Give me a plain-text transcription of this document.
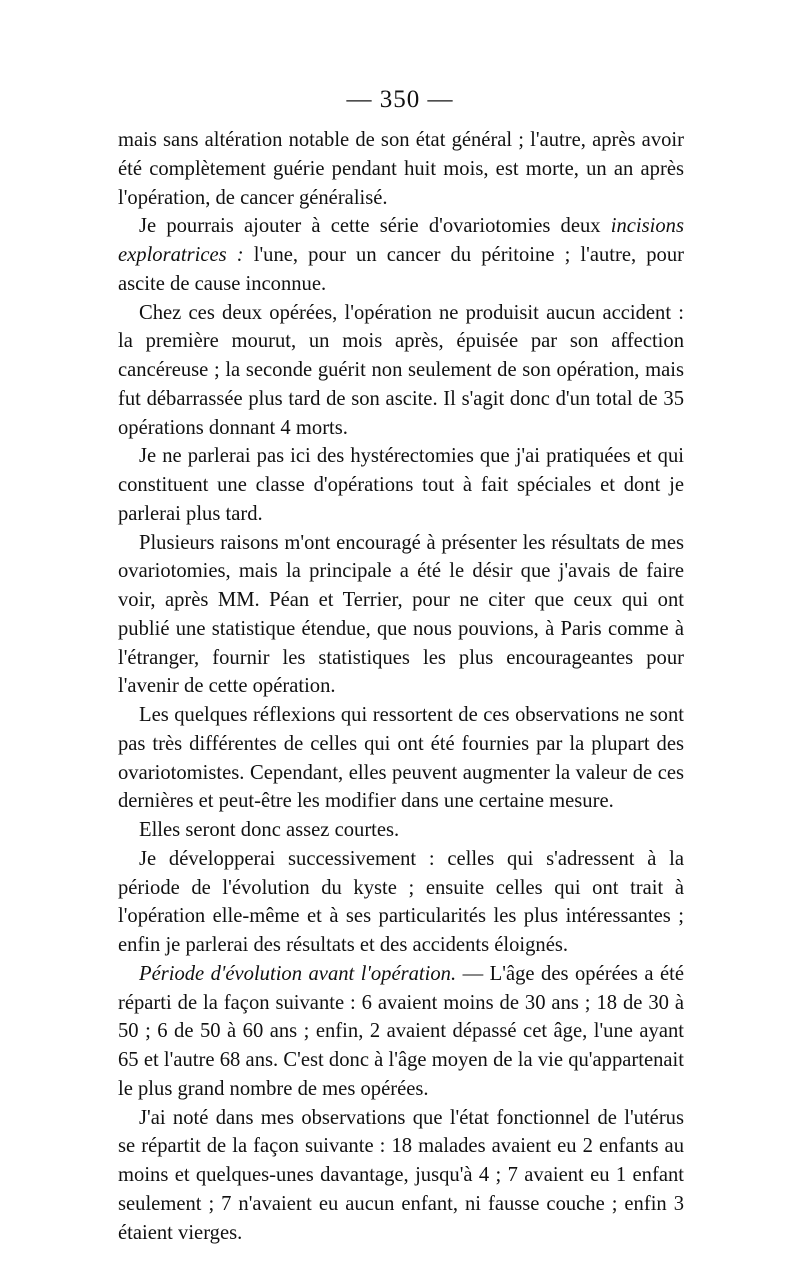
— 350 —

mais sans altération notable de son état général ; l'autre, après avoir été complètement guérie pendant huit mois, est morte, un an après l'opération, de cancer généralisé.

Je pourrais ajouter à cette série d'ovariotomies deux incisions exploratrices : l'une, pour un cancer du péritoine ; l'autre, pour ascite de cause inconnue.

Chez ces deux opérées, l'opération ne produisit aucun accident : la première mourut, un mois après, épuisée par son affection cancéreuse ; la seconde guérit non seulement de son opération, mais fut débarrassée plus tard de son ascite. Il s'agit donc d'un total de 35 opérations donnant 4 morts.

Je ne parlerai pas ici des hystérectomies que j'ai pratiquées et qui constituent une classe d'opérations tout à fait spéciales et dont je parlerai plus tard.

Plusieurs raisons m'ont encouragé à présenter les résultats de mes ovariotomies, mais la principale a été le désir que j'avais de faire voir, après MM. Péan et Terrier, pour ne citer que ceux qui ont publié une statistique étendue, que nous pouvions, à Paris comme à l'étranger, fournir les statistiques les plus encourageantes pour l'avenir de cette opération.

Les quelques réflexions qui ressortent de ces observations ne sont pas très différentes de celles qui ont été fournies par la plupart des ovariotomistes. Cependant, elles peuvent augmenter la valeur de ces dernières et peut-être les modifier dans une certaine mesure.

Elles seront donc assez courtes.

Je développerai successivement : celles qui s'adressent à la période de l'évolution du kyste ; ensuite celles qui ont trait à l'opération elle-même et à ses particularités les plus intéressantes ; enfin je parlerai des résultats et des accidents éloignés.

Période d'évolution avant l'opération. — L'âge des opérées a été réparti de la façon suivante : 6 avaient moins de 30 ans ; 18 de 30 à 50 ; 6 de 50 à 60 ans ; enfin, 2 avaient dépassé cet âge, l'une ayant 65 et l'autre 68 ans. C'est donc à l'âge moyen de la vie qu'appartenait le plus grand nombre de mes opérées.

J'ai noté dans mes observations que l'état fonctionnel de l'utérus se répartit de la façon suivante : 18 malades avaient eu 2 enfants au moins et quelques-unes davantage, jusqu'à 4 ; 7 avaient eu 1 enfant seulement ; 7 n'avaient eu aucun enfant, ni fausse couche ; enfin 3 étaient vierges.
